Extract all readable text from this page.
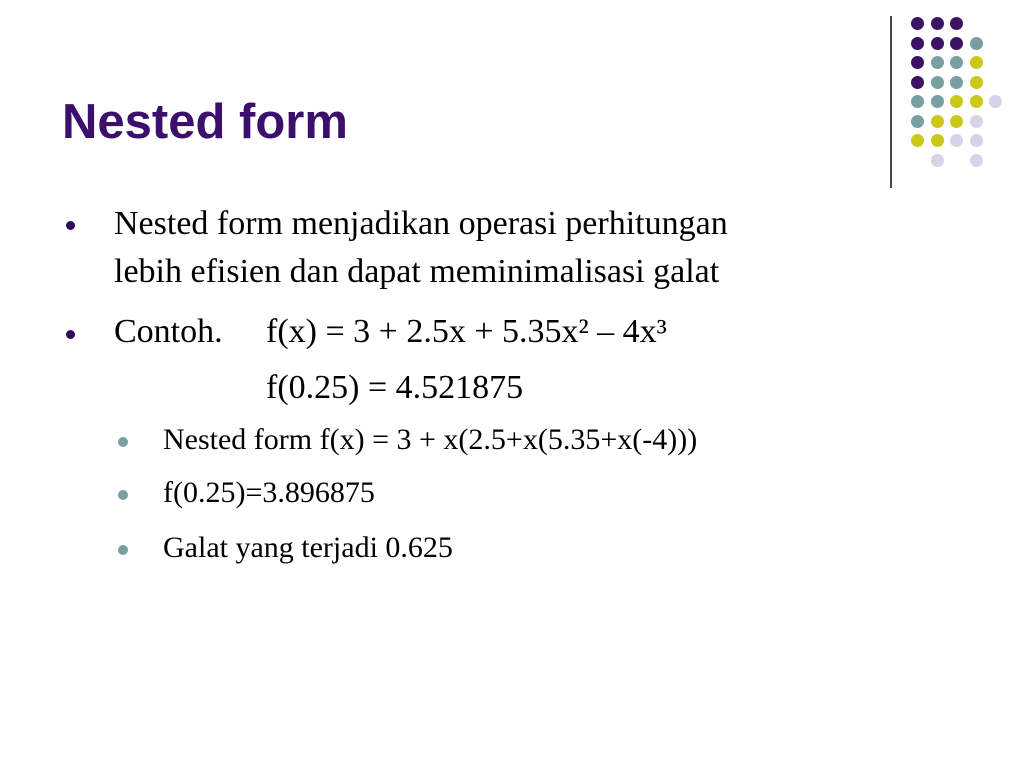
Nested form
Nested form menjadikan operasi perhitungan
lebih efisien dan dapat meminimalisasi galat
Contoh. f(x) = 3 + 2.5x + 5.35x² – 4x³
f(0.25) = 4.521875
Nested form f(x) = 3 + x(2.5+x(5.35+x(-4)))
f(0.25)=3.896875
Galat yang terjadi 0.625
